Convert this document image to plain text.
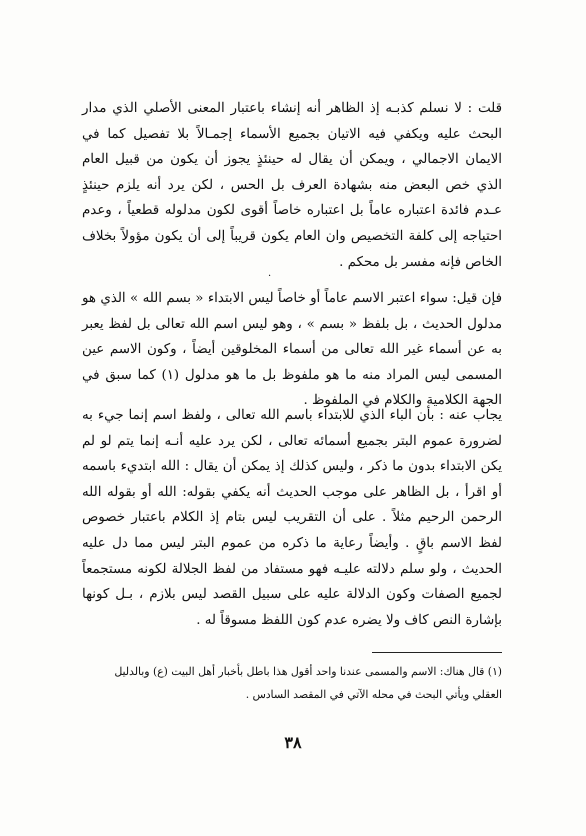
قلت : لا نسلم كذبـه إذ الظاهر أنه إنشاء باعتبار المعنى الأصلي الذي مدار البحث عليه ويكفي فيه الاتيان بجميع الأسماء إجمـالاً بلا تفصيل كما في الايمان الاجمالي ، ويمكن أن يقال له حينئذٍ يجوز أن يكون من قبيل العام الذي خص البعض منه بشهادة العرف بل الحس ، لكن يرد أنه يلزم حينئذٍ عـدم فائدة اعتباره عاماً بل اعتباره خاصاً أقوى لكون مدلوله قطعياً ، وعدم احتياجه إلى كلفة التخصيص وان العام يكون قريباً إلى أن يكون مؤولاً بخلاف الخاص فإنه مفسر بل محكم .

·

فإن قيل: سواء اعتبر الاسم عاماً أو خاصاً ليس الابتداء « بسم الله » الذي هو مدلول الحديث ، بل بلفظ « بسم » ، وهو ليس اسم الله تعالى بل لفظ يعبر به عن أسماء غير الله تعالى من أسماء المخلوقين أيضاً ، وكون الاسم عين المسمى ليس المراد منه ما هو ملفوظ بل ما هو مدلول (١) كما سبق في الجهة الكلامية والكلام في الملفوظ .

يجاب عنه : بأن الباء الذي للابتداء باسم الله تعالى ، ولفظ اسم إنما جيء به لضرورة عموم البتر بجميع أسمائه تعالى ، لكن يرد عليه أنـه إنما يتم لو لم يكن الابتداء بدون ما ذكر ، وليس كذلك إذ يمكن أن يقال : الله ابتديء باسمه أو اقرأ ، بل الظاهر على موجب الحديث أنه يكفي بقوله: الله أو بقوله الله الرحمن الرحيم مثلاً . على أن التقريب ليس بتام إذ الكلام باعتبار خصوص لفظ الاسم باقٍ . وأيضاً رعاية ما ذكره من عموم البتر ليس مما دل عليه الحديث ، ولو سلم دلالته عليـه فهو مستفاد من لفظ الجلالة لكونه مستجمعاً لجميع الصفات وكون الدلالة عليه على سبيل القصد ليس بلازم ، بـل كونها بإشارة النص كاف ولا يضره عدم كون اللفظ مسوقاً له .

(١) قال هناك: الاسم والمسمى عندنا واحد أقول هذا باطل بأخبار أهل البيت (ع) وبالدليل العقلي ويأتي البحث في محله الآتي في المقصد السادس .

٣٨
